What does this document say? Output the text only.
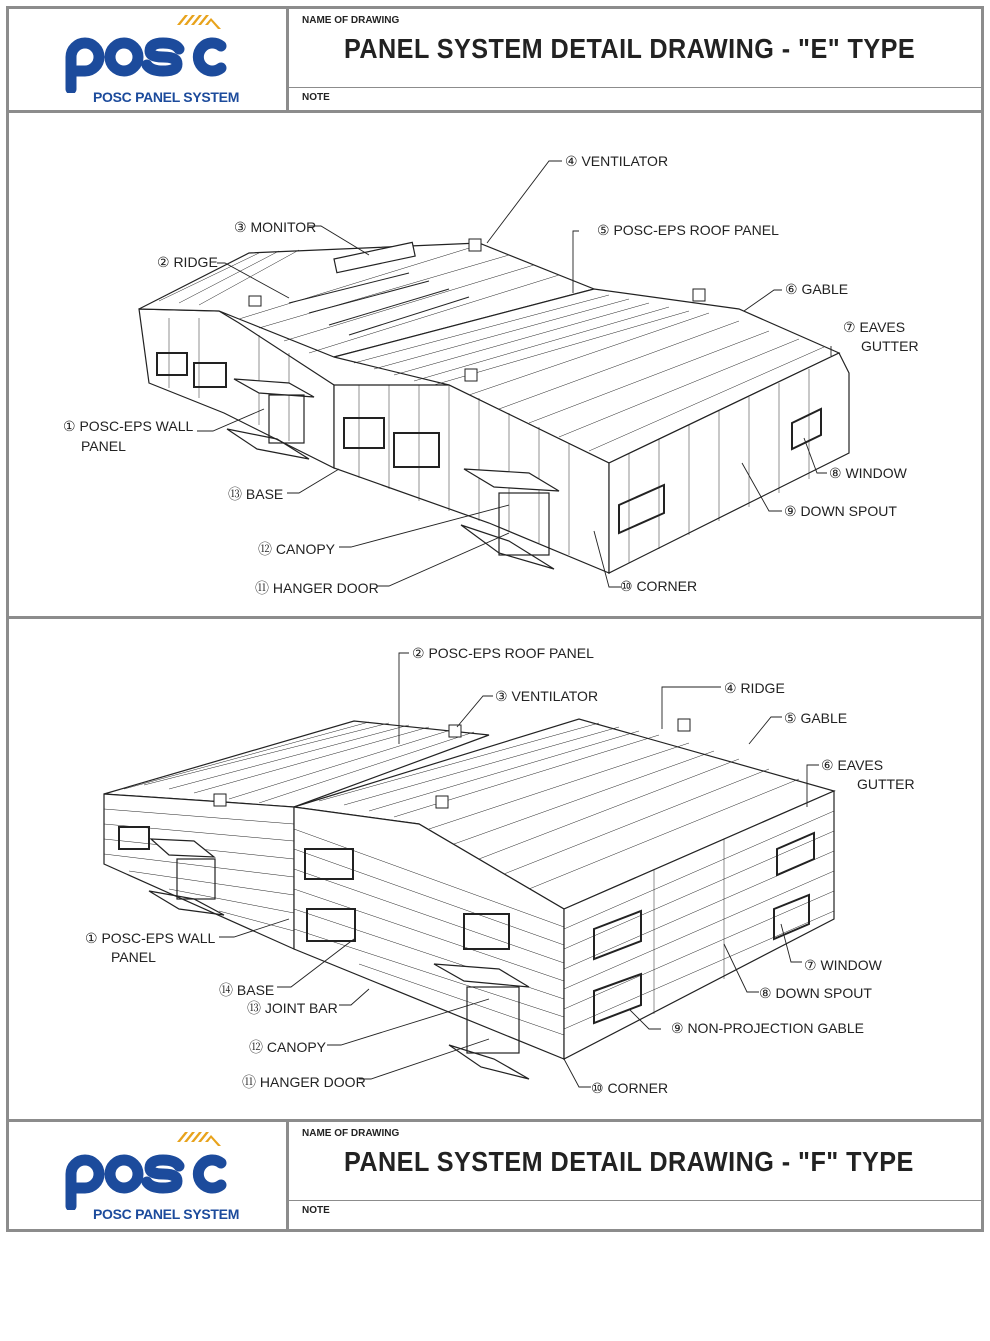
POSC PANEL SYSTEM
NAME OF DRAWING
PANEL SYSTEM DETAIL DRAWING - "E" TYPE
NOTE
④ VENTILATOR
③ MONITOR	⑤ POSC-EPS ROOF PANEL
② RIDGE
⑥ GABLE
⑦ EAVES
GUTTER
① POSC-EPS WALL
PANEL
⑧ WINDOW
⑬ BASE
⑨ DOWN SPOUT
⑫ CANOPY
⑪ HANGER DOOR	⑩ CORNER
② POSC-EPS ROOF PANEL
④ RIDGE
③ VENTILATOR
⑤ GABLE
⑥ EAVES
GUTTER
① POSC-EPS WALL
PANEL	⑦ WINDOW
⑭ BASE	⑧ DOWN SPOUT
⑬ JOINT BAR
⑨ NON-PROJECTION GABLE
⑫ CANOPY
⑪ HANGER DOOR	⑩ CORNER
POSC PANEL SYSTEM
NAME OF DRAWING
PANEL SYSTEM DETAIL DRAWING - "F" TYPE
NOTE
